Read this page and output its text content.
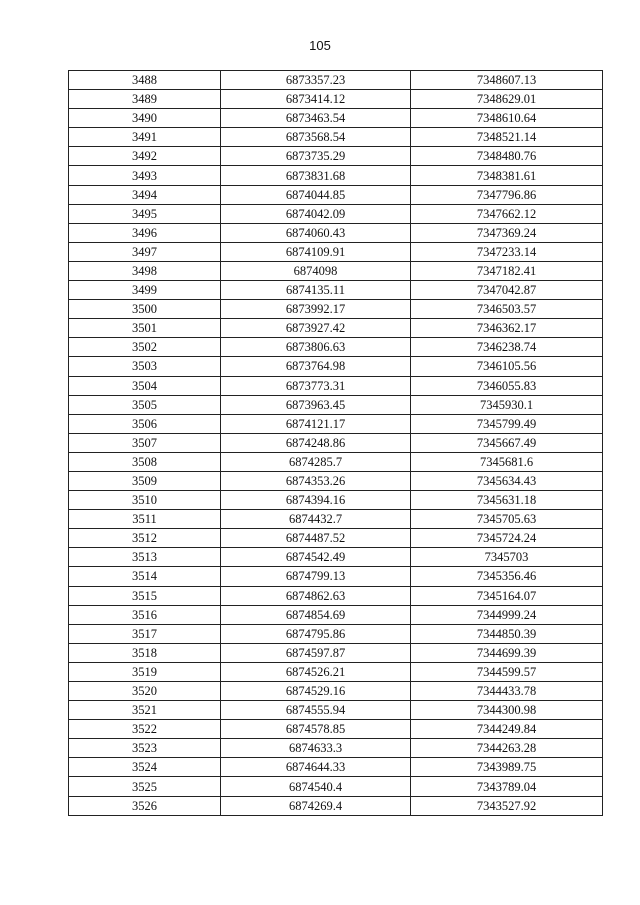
105
3488	6873357.23	7348607.13
3489	6873414.12	7348629.01
3490	6873463.54	7348610.64
3491	6873568.54	7348521.14
3492	6873735.29	7348480.76
3493	6873831.68	7348381.61
3494	6874044.85	7347796.86
3495	6874042.09	7347662.12
3496	6874060.43	7347369.24
3497	6874109.91	7347233.14
3498	6874098	7347182.41
3499	6874135.11	7347042.87
3500	6873992.17	7346503.57
3501	6873927.42	7346362.17
3502	6873806.63	7346238.74
3503	6873764.98	7346105.56
3504	6873773.31	7346055.83
3505	6873963.45	7345930.1
3506	6874121.17	7345799.49
3507	6874248.86	7345667.49
3508	6874285.7	7345681.6
3509	6874353.26	7345634.43
3510	6874394.16	7345631.18
3511	6874432.7	7345705.63
3512	6874487.52	7345724.24
3513	6874542.49	7345703
3514	6874799.13	7345356.46
3515	6874862.63	7345164.07
3516	6874854.69	7344999.24
3517	6874795.86	7344850.39
3518	6874597.87	7344699.39
3519	6874526.21	7344599.57
3520	6874529.16	7344433.78
3521	6874555.94	7344300.98
3522	6874578.85	7344249.84
3523	6874633.3	7344263.28
3524	6874644.33	7343989.75
3525	6874540.4	7343789.04
3526	6874269.4	7343527.92
